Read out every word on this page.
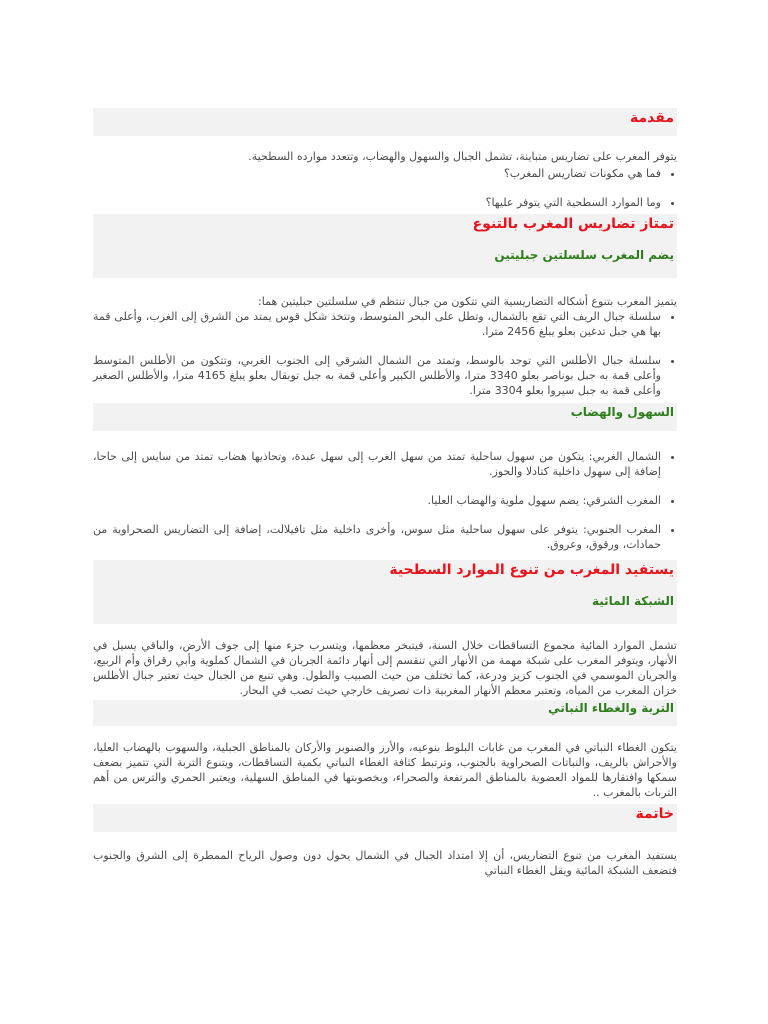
مقدمة

يتوفر المغرب على تضاريس متباينة، تشمل الجبال والسهول والهضاب، وتتعدد موارده السطحية.

• فما هي مكونات تضاريس المغرب؟
• وما الموارد السطحية التي يتوفر عليها؟
تمتاز تضاريس المغرب بالتنوع
يضم المغرب سلسلتين جبليتين

يتميز المغرب بتنوع أشكاله التضاريسية التي تتكون من جبال تنتظم في سلسلتين جبليتين هما:

• سلسلة جبال الريف التي تقع بالشمال، وتطل على البحر المتوسط، وتتخذ شكل قوس يمتد من الشرق إلى الغرب، وأعلى قمة بها هي جبل تدغين بعلو يبلغ 2456 مترا.
• سلسلة جبال الأطلس التي توجد بالوسط، وتمتد من الشمال الشرقي إلى الجنوب الغربي، وتتكون من الأطلس المتوسط وأعلى قمة به جبل بوناصر بعلو 3340 مترا، والأطلس الكبير وأعلى قمة به جبل توبقال بعلو يبلغ 4165 مترا، والأطلس الصغير وأعلى قمة به جبل سيروا بعلو 3304 مترا.
السهول والهضاب
• الشمال الغربي: يتكون من سهول ساحلية تمتد من سهل الغرب إلى سهل عبدة، وتحاذيها هضاب تمتد من سايس إلى حاحا، إضافة إلى سهول داخلية كتادلا والحوز.
• المغرب الشرقي: يضم سهول ملوية والهضاب العليا.
• المغرب الجنوبي: يتوفر على سهول ساحلية مثل سوس، وأخرى داخلية مثل تافيلالت، إضافة إلى التضاريس الصحراوية من حمادات، ورقوق، وعروق.
يستفيد المغرب من تنوع الموارد السطحية
الشبكة المائية

تشمل الموارد المائية مجموع التساقطات خلال السنة، فيتبخر معظمها، ويتسرب جزء منها إلى جوف الأرض، والباقي يسيل في الأنهار، ويتوفر المغرب على شبكة مهمة من الأنهار التي تنقسم إلى أنهار دائمة الجريان في الشمال كملوية وأبي رقراق وأم الربيع، والجريان الموسمي في الجنوب كزيز ودرعة، كما تختلف من حيث الصبيب والطول. وهي تنبع من الجبال حيث تعتبر جبال الأطلس خزان المغرب من المياه، وتعتبر معظم الأنهار المغربية ذات تصريف خارجي حيث تصب في البحار.

التربة والغطاء النباتي

يتكون الغطاء النباتي في المغرب من غابات البلوط بنوعيه، والأرز والصنوبر والأركان بالمناطق الجبلية، والسهوب بالهضاب العليا، والأحراش بالريف، والنباتات الصحراوية بالجنوب، وترتبط كثافة الغطاء النباتي بكمية التساقطات، ويتنوع التربة التي تتميز بضعف سمكها وافتقارها للمواد العضوية بالمناطق المرتفعة والصحراء، وبخصوبتها في المناطق السهلية، ويعتبر الحمري والترس من أهم التربات بالمغرب ..

خاتمة

يستفيد المغرب من تنوع التضاريس، أن إلا امتداد الجبال في الشمال يحول دون وصول الرياح الممطرة إلى الشرق والجنوب فتضعف الشبكة المائية ويقل الغطاء النباتي
